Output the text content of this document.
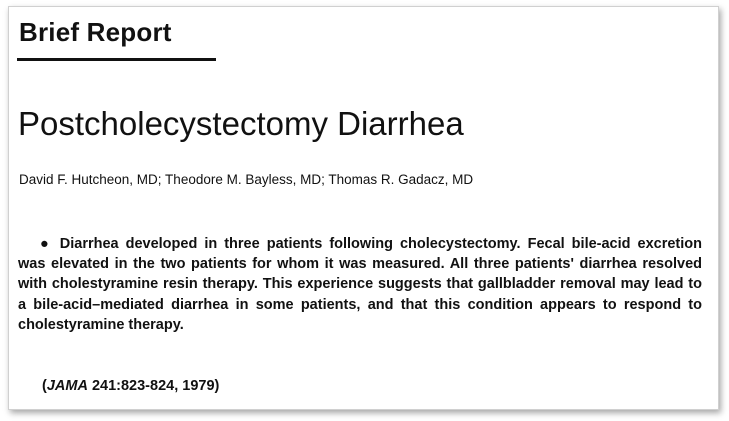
Brief Report
Postcholecystectomy Diarrhea
David F. Hutcheon, MD; Theodore M. Bayless, MD; Thomas R. Gadacz, MD
● Diarrhea developed in three patients following cholecystectomy. Fecal bile-acid excretion was elevated in the two patients for whom it was measured. All three patients' diarrhea resolved with cholestyramine resin therapy. This experience suggests that gallbladder removal may lead to a bile-acid–mediated diarrhea in some patients, and that this condition appears to respond to cholestyramine therapy.
(JAMA 241:823-824, 1979)
